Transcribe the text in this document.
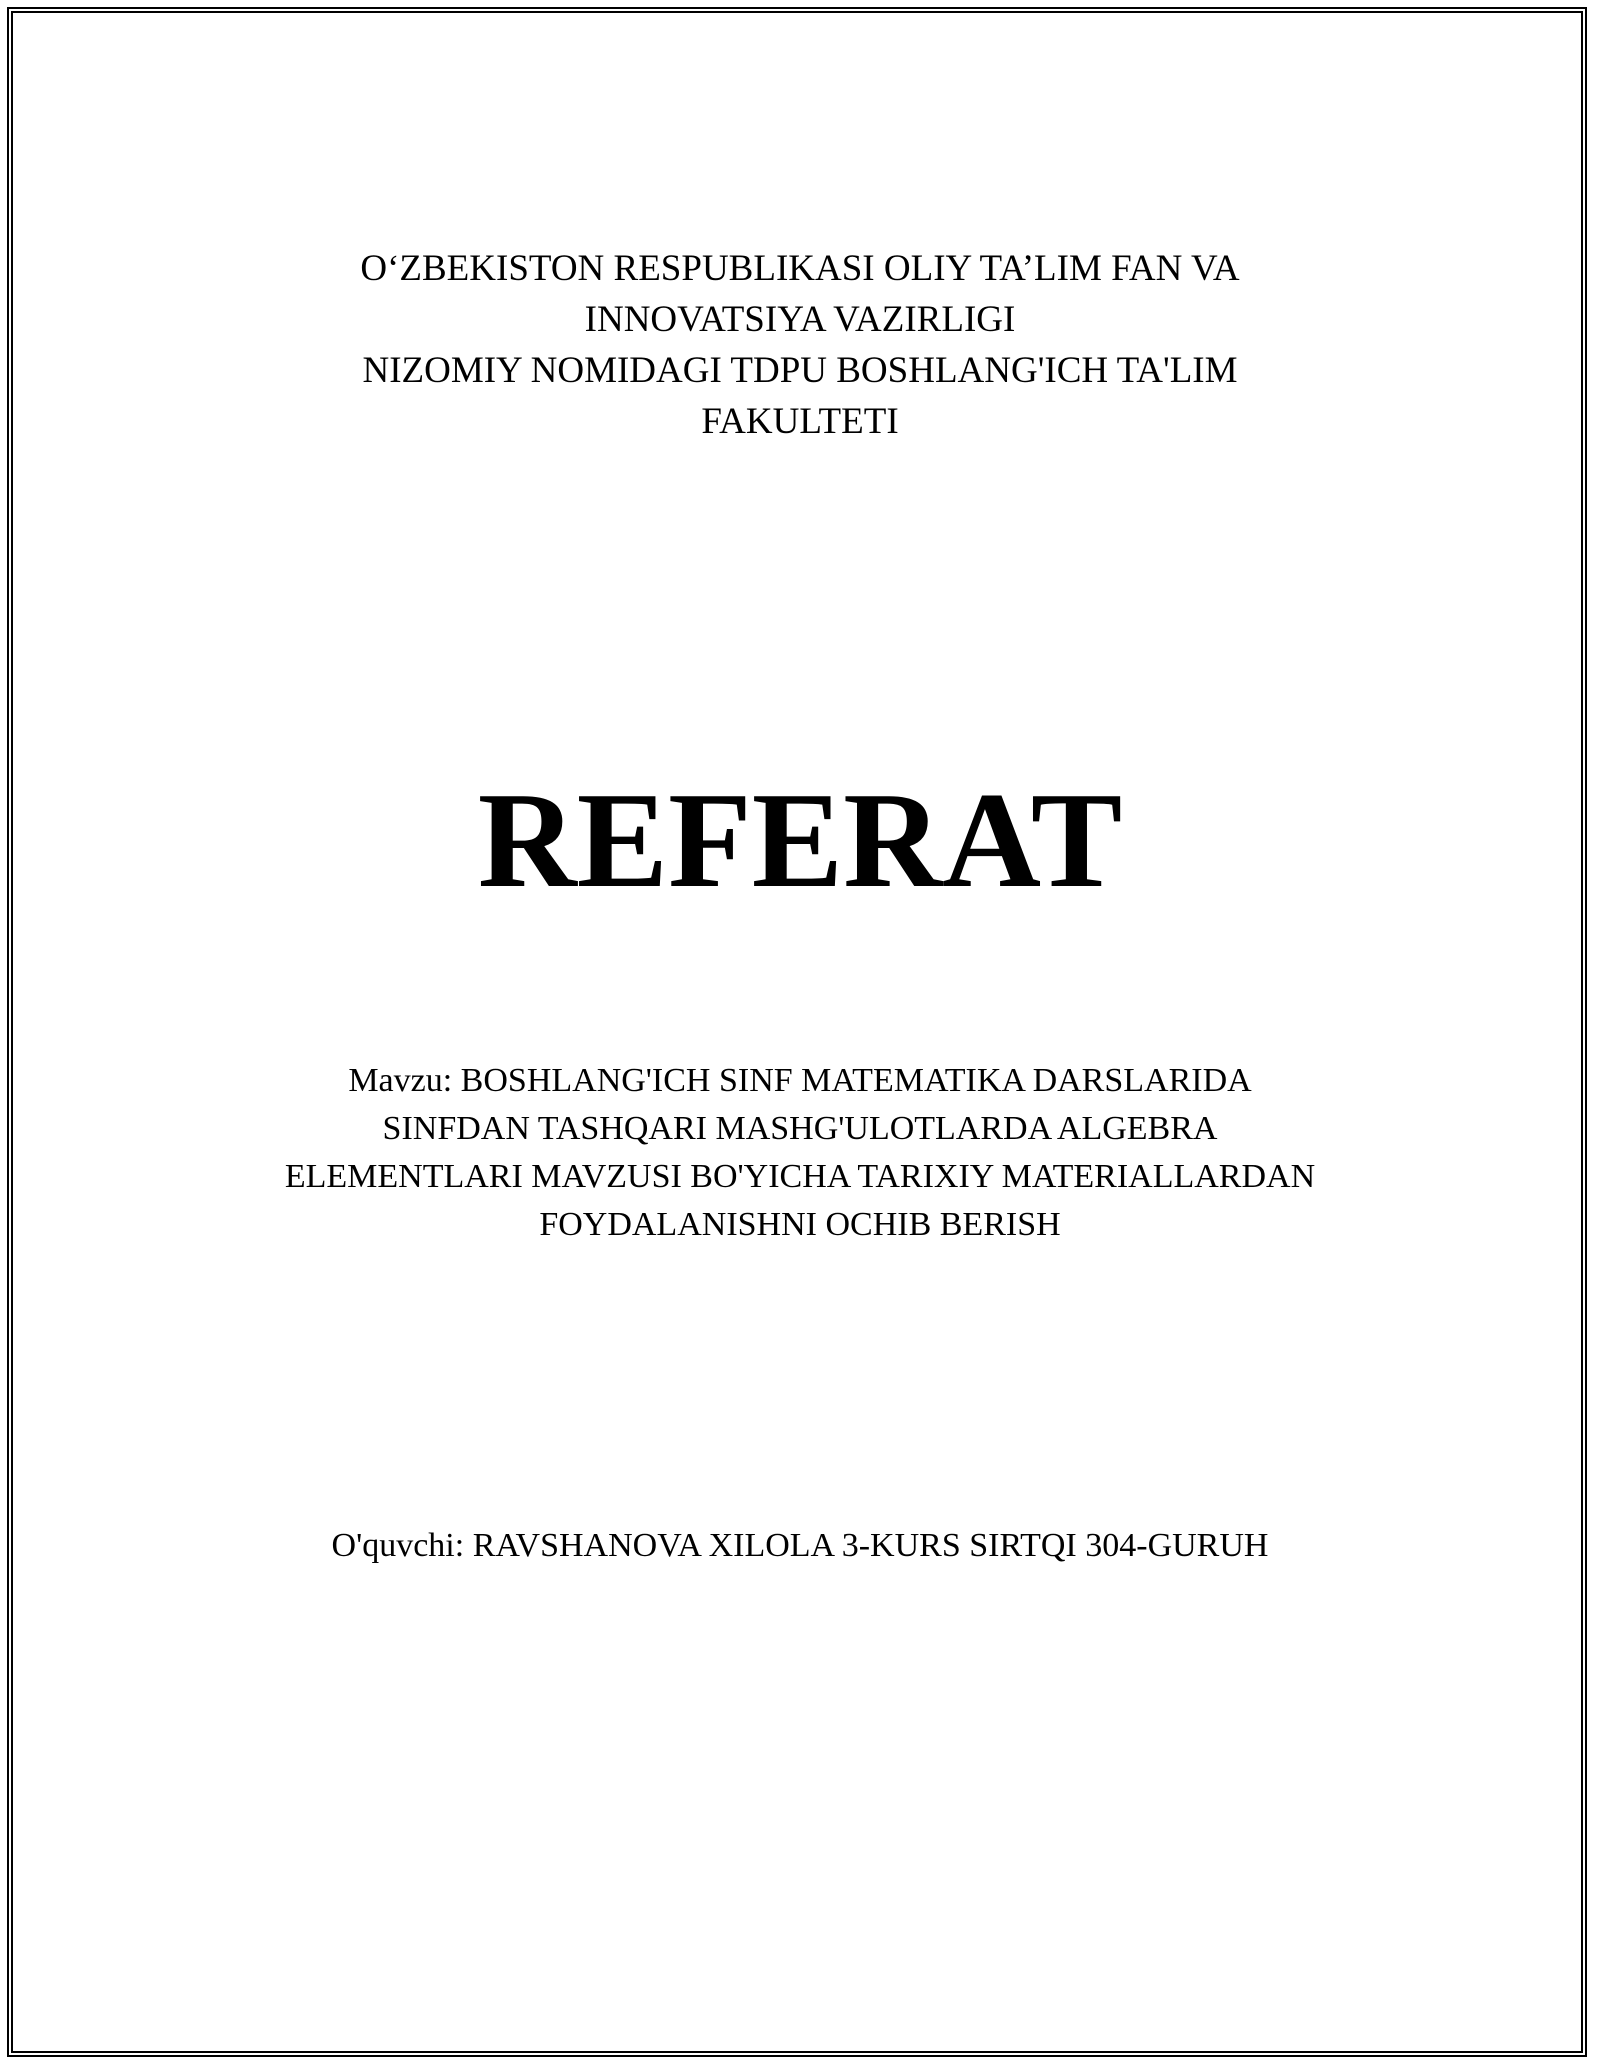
O‘ZBEKISTON RESPUBLIKASI OLIY TA’LIM FAN VA
INNOVATSIYA VAZIRLIGI
NIZOMIY NOMIDAGI TDPU BOSHLANG'ICH TA'LIM
FAKULTETI
REFERAT
Mavzu: BOSHLANG'ICH SINF MATEMATIKA DARSLARIDA
SINFDAN TASHQARI MASHG'ULOTLARDA ALGEBRA
ELEMENTLARI MAVZUSI BO'YICHA TARIXIY MATERIALLARDAN
FOYDALANISHNI OCHIB BERISH
O'quvchi: RAVSHANOVA XILOLA 3-KURS SIRTQI 304-GURUH
